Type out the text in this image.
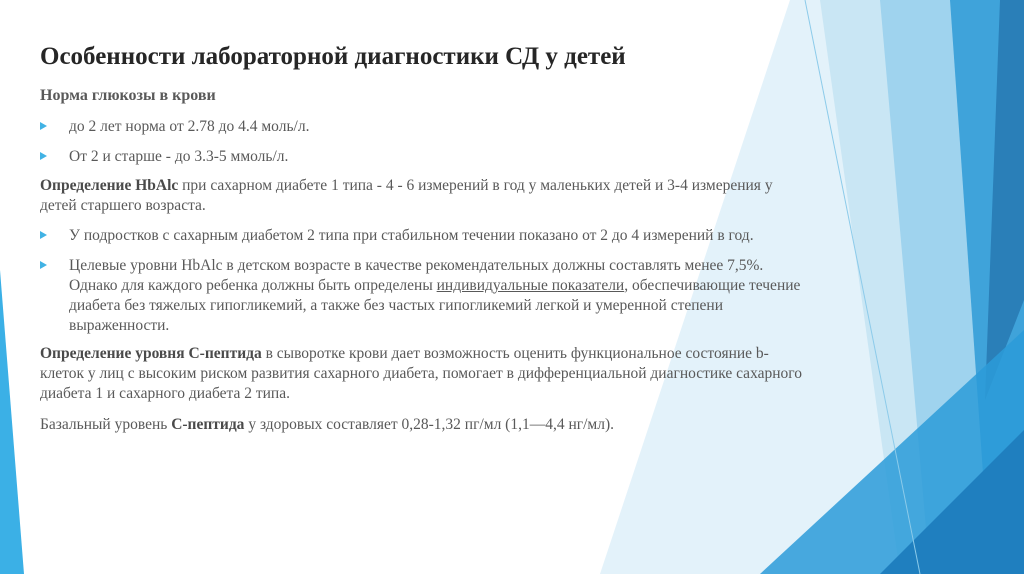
Особенности лабораторной диагностики СД у детей
Норма глюкозы в крови
до 2 лет норма от 2.78 до 4.4 моль/л.
От 2 и старше - до 3.3-5 ммоль/л.
Определение HbAlc при сахарном диабете 1 типа - 4 - 6 измерений в год у маленьких детей и 3-4 измерения у детей старшего возраста.
У подростков с сахарным диабетом 2 типа при стабильном течении показано от 2 до 4 измерений в год.
Целевые уровни HbAlc в детском возрасте в качестве рекомендательных должны составлять менее 7,5%. Однако для каждого ребенка должны быть определены индивидуальные показатели, обеспечивающие течение диабета без тяжелых гипогликемий, а также без частых гипогликемий легкой и умеренной степени выраженности.
Определение уровня С-пептида в сыворотке крови дает возможность оценить функциональное состояние b-клеток у лиц с высоким риском развития сахарного диабета, помогает в дифференциальной диагностике сахарного диабета 1 и сахарного диабета 2 типа.
Базальный уровень С-пептида у здоровых составляет 0,28-1,32 пг/мл (1,1—4,4 нг/мл).
